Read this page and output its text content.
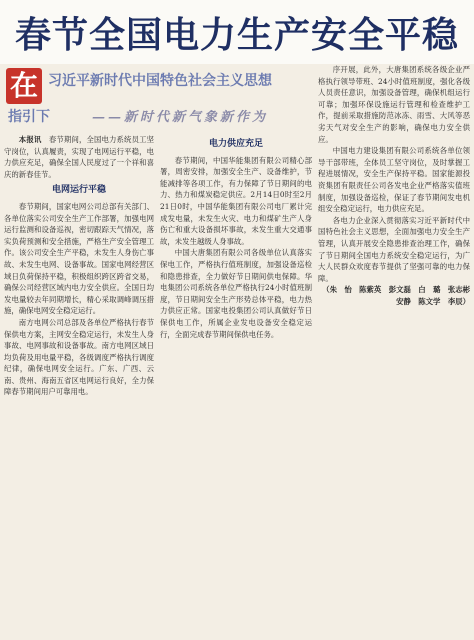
春节全国电力生产安全平稳
在 习近平新时代中国特色社会主义思想
指引下	——新时代新气象新作为

本报讯　 春节期间，全国电力系统员工坚守岗位，认真履责，实现了电网运行平稳，电力供应充足，确保全国人民度过了一个祥和喜庆的新春佳节。

电网运行平稳

春节期间，国家电网公司总部有关部门、各单位落实公司安全生产工作部署，加强电网运行监测和设备巡视，密切跟踪天气情况，落实负荷预测和安全措施，严格生产安全管理工作。该公司安全生产平稳，未发生人身伤亡事故、未发生电网、设备事故。国家电网经营区域日负荷保持平稳，积极组织跨区跨省交易，确保公司经营区域内电力安全供应。全国日均发电量较去年同期增长，精心采取调峰调压措施，确保电网安全稳定运行。

南方电网公司总部及各单位严格执行春节保供电方案，主网安全稳定运行，未发生人身事故、电网事故和设备事故。南方电网区域日均负荷及用电量平稳，各级调度严格执行调度纪律，确保电网安全运行。广东、广西、云南、贵州、海南五省区电网运行良好，全力保障春节期间用户可靠用电。

电力供应充足

春节期间，中国华能集团有限公司精心部署，周密安排，加强安全生产、设备维护，节能减排等各项工作，有力保障了节日期间的电力、热力和煤炭稳定供应。2月14日0时至2月21日0时，中国华能集团有限公司电厂累计完成发电量，未发生火灾、电力和煤矿生产人身伤亡和重大设备损坏事故，未发生重大交通事故，未发生越级人身事故。

中国大唐集团有限公司各级单位认真落实保电工作，严格执行值班制度，加强设备巡检和隐患排查，全力做好节日期间供电保障。华电集团公司系统各单位严格执行24小时值班制度，节日期间安全生产形势总体平稳，电力热力供应正常。国家电投集团公司认真做好节日保供电工作，所属企业发电设备安全稳定运行，全面完成春节期间保供电任务。

序开展，此外，大唐集团系统各级企业严格执行领导带班、24小时值班制度，强化各级人员责任意识，加强设备管理，确保机组运行可靠；加强环保设施运行管理和检查维护工作，提前采取措施防范冰冻、雨雪、大风等恶劣天气对安全生产的影响，确保电力安全供应。

中国电力建设集团有限公司系统各单位领导干部带班，全体员工坚守岗位，及时掌握工程进展情况，安全生产保持平稳。国家能源投资集团有限责任公司各发电企业严格落实值班制度，加强设备巡检，保证了春节期间发电机组安全稳定运行，电力供应充足。

各电力企业深入贯彻落实习近平新时代中国特色社会主义思想，全面加强电力安全生产管理，认真开展安全隐患排查治理工作，确保了节日期间全国电力系统安全稳定运行，为广大人民群众欢度春节提供了坚强可靠的电力保障。

（朱　怡　陈紫英　彭文磊　白　璐　张志彬　安静　陈文学　李辰）
